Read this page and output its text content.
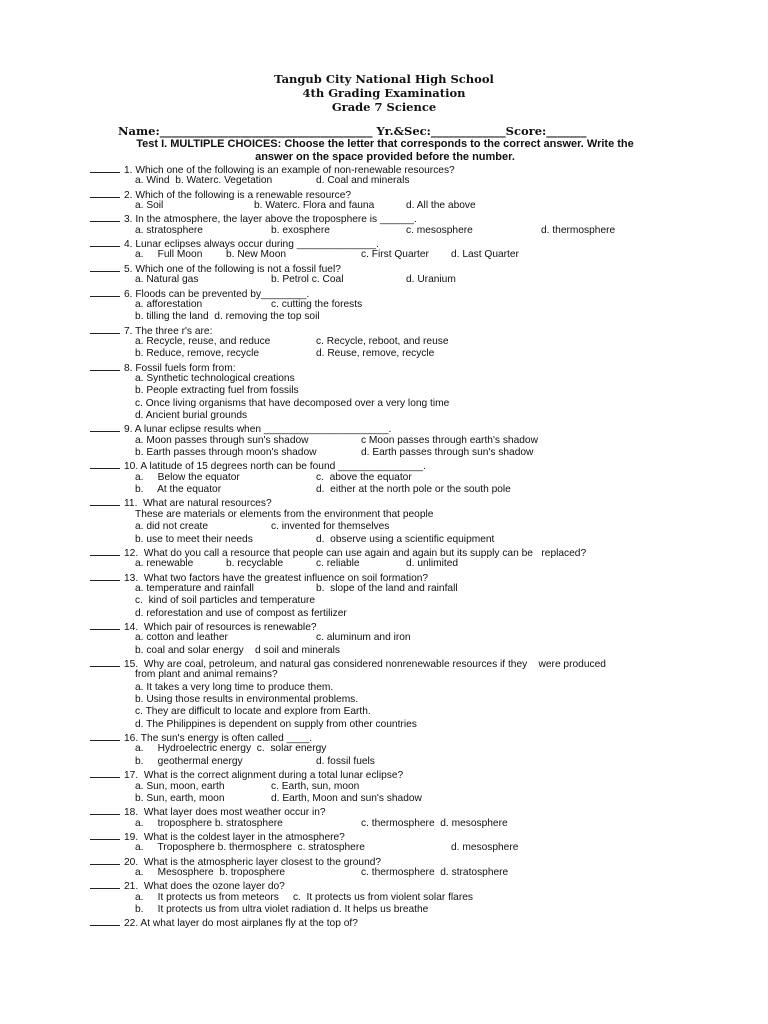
Tangub City National High School
4th Grading Examination
Grade 7 Science
Name:_____________________________________ Yr.&Sec:_____________Score:_______
Test I. MULTIPLE CHOICES: Choose the letter that corresponds to the correct answer. Write the
answer on the space provided before the number.
1. Which one of the following is an example of non-renewable resources?
a. Wind  b. Waterc. Vegetation	d. Coal and minerals
2. Which of the following is a renewable resource?
a. Soil	b. Waterc. Flora and fauna	d. All the above
3. In the atmosphere, the layer above the troposphere is ______.
a. stratosphere	b. exosphere	c. mesosphere	d. thermosphere
4. Lunar eclipses always occur during ______________.
a.     Full Moon b. New Moon	c. First Quarter d. Last Quarter
5. Which one of the following is not a fossil fuel?
a. Natural gas	b. Petrol c. Coal	d. Uranium
6. Floods can be prevented by________.
a. afforestation	c. cutting the forests
b. tilling the land  d. removing the top soil
7. The three r's are:
a. Recycle, reuse, and reduce	c. Recycle, reboot, and reuse
b. Reduce, remove, recycle	d. Reuse, remove, recycle
8. Fossil fuels form from:
a. Synthetic technological creations
b. People extracting fuel from fossils
c. Once living organisms that have decomposed over a very long time
d. Ancient burial grounds
9. A lunar eclipse results when ______________________.
a. Moon passes through sun's shadow	c Moon passes through earth's shadow
b. Earth passes through moon's shadow	d. Earth passes through sun's shadow
10. A latitude of 15 degrees north can be found _______________.
a.     Below the equator	c.  above the equator
b.     At the equator	d.  either at the north pole or the south pole
11.  What are natural resources?
These are materials or elements from the environment that people
a. did not create	c. invented for themselves
b. use to meet their needs	d.  observe using a scientific equipment
12.  What do you call a resource that people can use again and again but its supply can be   replaced?
a. renewable	b. recyclable	c. reliable	d. unlimited
13.  What two factors have the greatest influence on soil formation?
a. temperature and rainfall	b.  slope of the land and rainfall
c.  kind of soil particles and temperature
d. reforestation and use of compost as fertilizer
14.  Which pair of resources is renewable?
a. cotton and leather	c. aluminum and iron
b. coal and solar energy    d soil and minerals
15.  Why are coal, petroleum, and natural gas considered nonrenewable resources if they    were produced
from plant and animal remains?
a. It takes a very long time to produce them.
b. Using those results in environmental problems.
c. They are difficult to locate and explore from Earth.
d. The Philippines is dependent on supply from other countries
16. The sun's energy is often called ____.
a.     Hydroelectric energy  c.  solar energy
b.     geothermal energy	d. fossil fuels
17.  What is the correct alignment during a total lunar eclipse?
a. Sun, moon, earth	c. Earth, sun, moon
b. Sun, earth, moon	d. Earth, Moon and sun's shadow
18.  What layer does most weather occur in?
a.     troposphere b. stratosphere	c. thermosphere  d. mesosphere
19.  What is the coldest layer in the atmosphere?
a.     Troposphere b. thermosphere  c. stratosphere	d. mesosphere
20.  What is the atmospheric layer closest to the ground?
a.     Mesosphere  b. troposphere	c. thermosphere  d. stratosphere
21.  What does the ozone layer do?
a.     It protects us from meteors     c.  It protects us from violent solar flares
b.     It protects us from ultra violet radiation d. It helps us breathe
22. At what layer do most airplanes fly at the top of?
